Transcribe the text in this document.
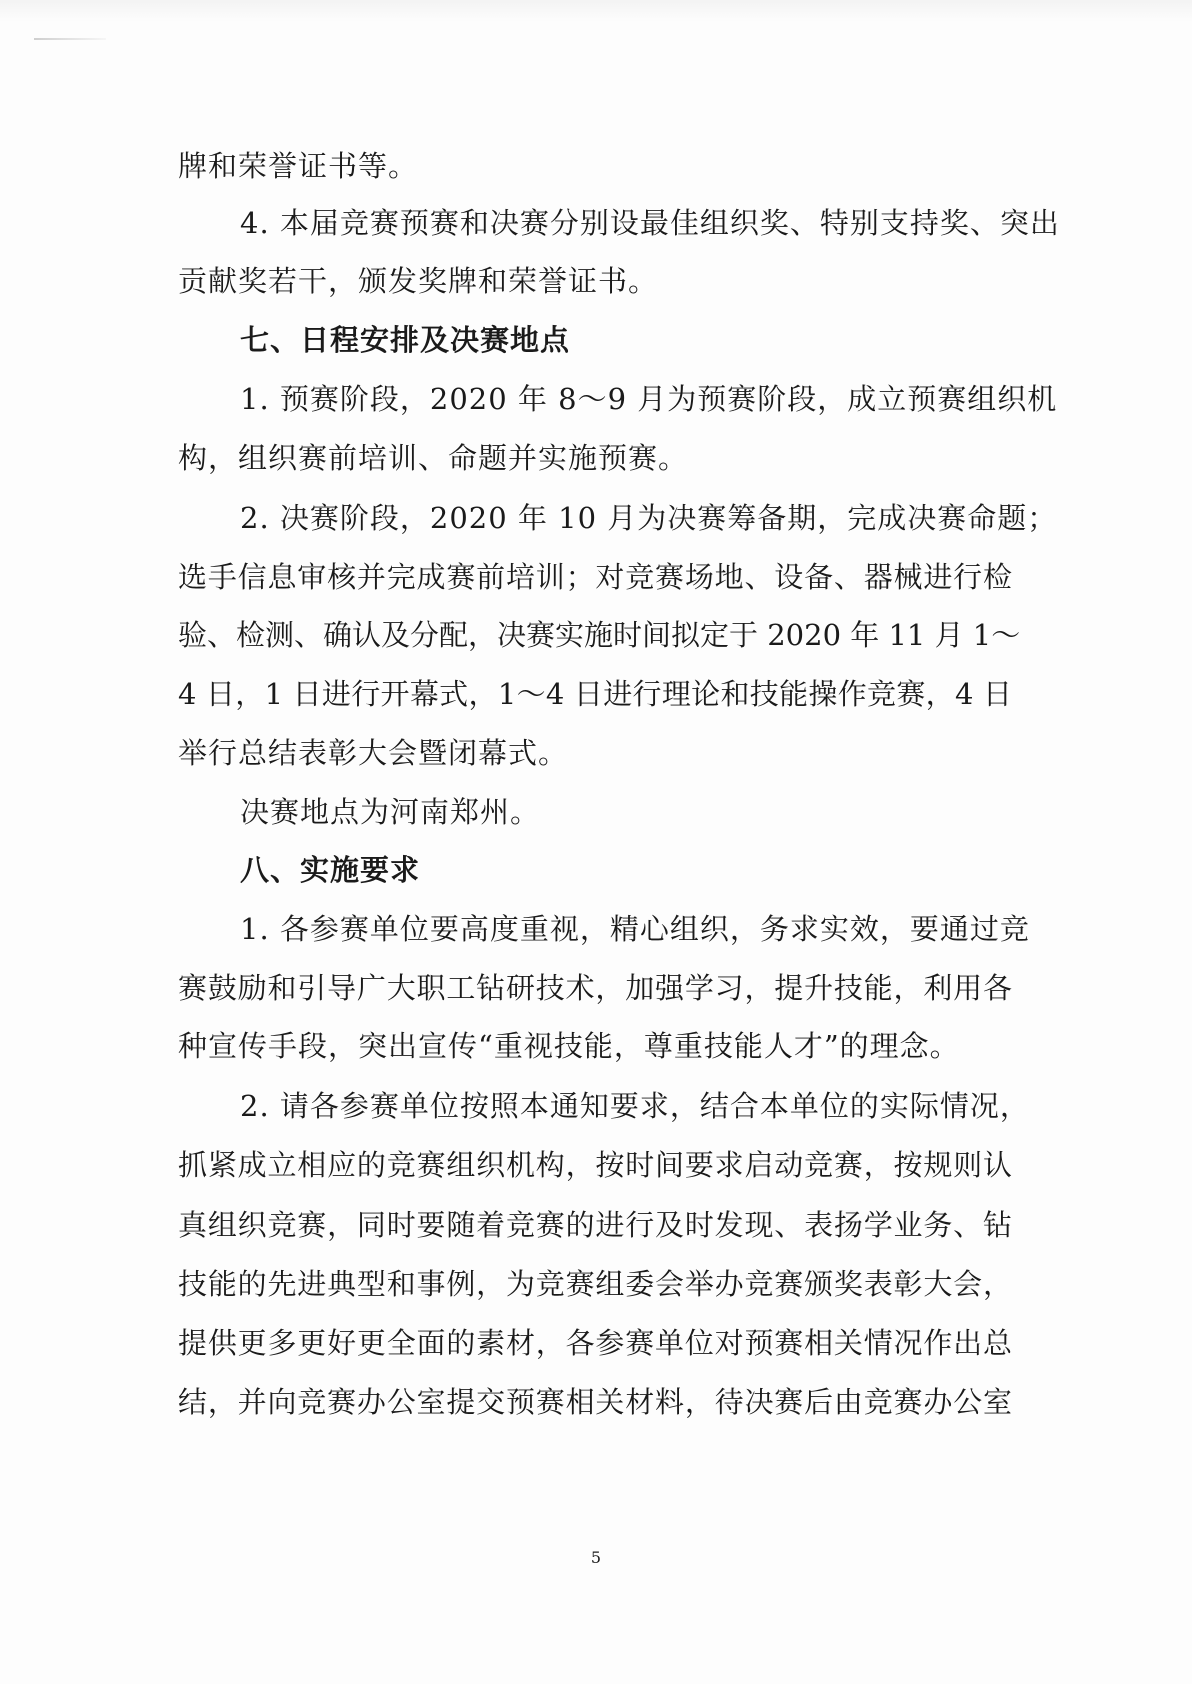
牌和荣誉证书等。
4. 本届竞赛预赛和决赛分别设最佳组织奖、特别支持奖、突出
贡献奖若干，颁发奖牌和荣誉证书。
七、日程安排及决赛地点
1. 预赛阶段，2020 年 8～9 月为预赛阶段，成立预赛组织机
构，组织赛前培训、命题并实施预赛。
2. 决赛阶段，2020 年 10 月为决赛筹备期，完成决赛命题；
选手信息审核并完成赛前培训；对竞赛场地、设备、器械进行检
验、检测、确认及分配，决赛实施时间拟定于 2020 年 11 月 1～
4 日，1 日进行开幕式，1～4 日进行理论和技能操作竞赛，4 日
举行总结表彰大会暨闭幕式。
决赛地点为河南郑州。
八、实施要求
1. 各参赛单位要高度重视，精心组织，务求实效，要通过竞
赛鼓励和引导广大职工钻研技术，加强学习，提升技能，利用各
种宣传手段，突出宣传“重视技能，尊重技能人才”的理念。
2. 请各参赛单位按照本通知要求，结合本单位的实际情况，
抓紧成立相应的竞赛组织机构，按时间要求启动竞赛，按规则认
真组织竞赛，同时要随着竞赛的进行及时发现、表扬学业务、钻
技能的先进典型和事例，为竞赛组委会举办竞赛颁奖表彰大会，
提供更多更好更全面的素材，各参赛单位对预赛相关情况作出总
结，并向竞赛办公室提交预赛相关材料，待决赛后由竞赛办公室
5
